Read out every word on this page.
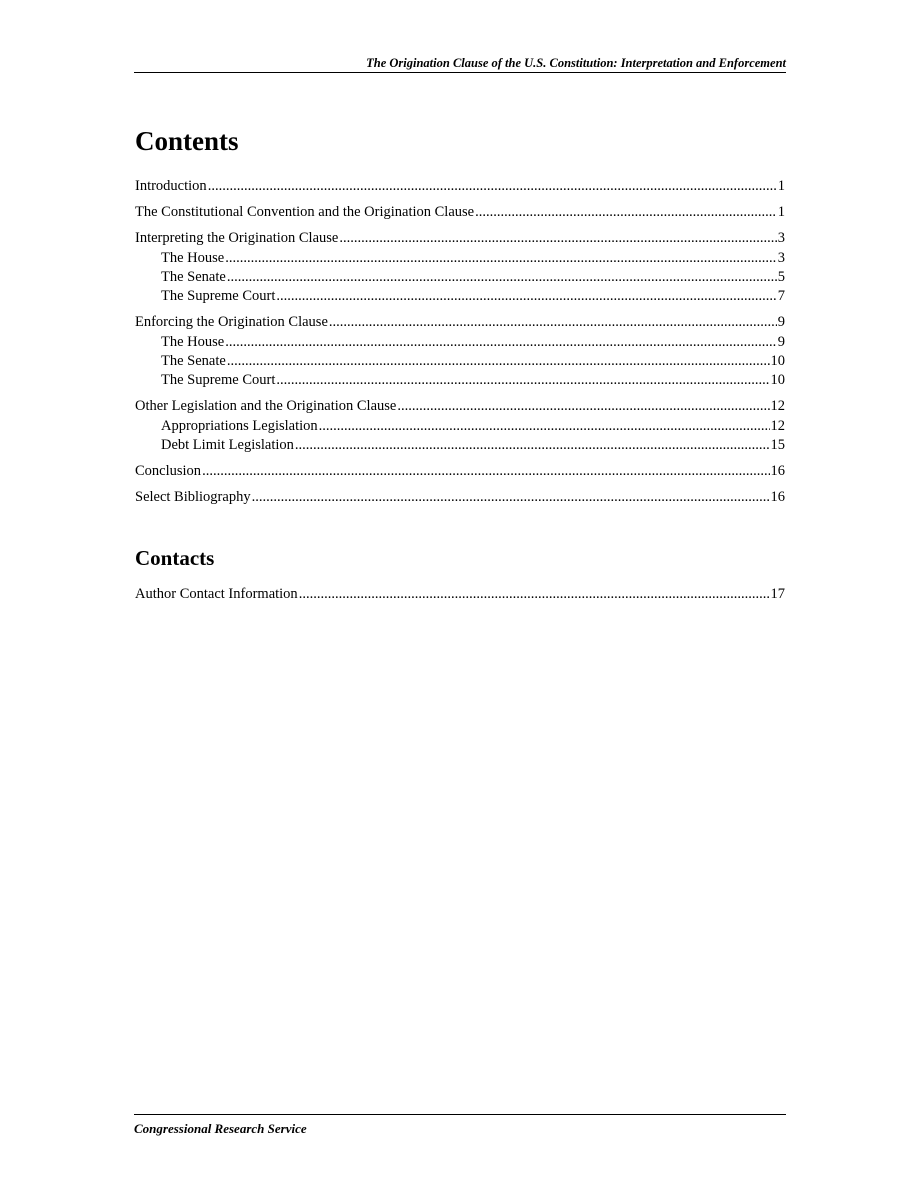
The Origination Clause of the U.S. Constitution: Interpretation and Enforcement
Contents
Introduction .....	1
The Constitutional Convention and the Origination Clause .....	1
Interpreting the Origination Clause .....	3
The House .....	3
The Senate .....	5
The Supreme Court .....	7
Enforcing the Origination Clause .....	9
The House .....	9
The Senate .....	10
The Supreme Court .....	10
Other Legislation and the Origination Clause .....	12
Appropriations Legislation .....	12
Debt Limit Legislation .....	15
Conclusion .....	16
Select Bibliography .....	16
Contacts
Author Contact Information .....	17
Congressional Research Service
